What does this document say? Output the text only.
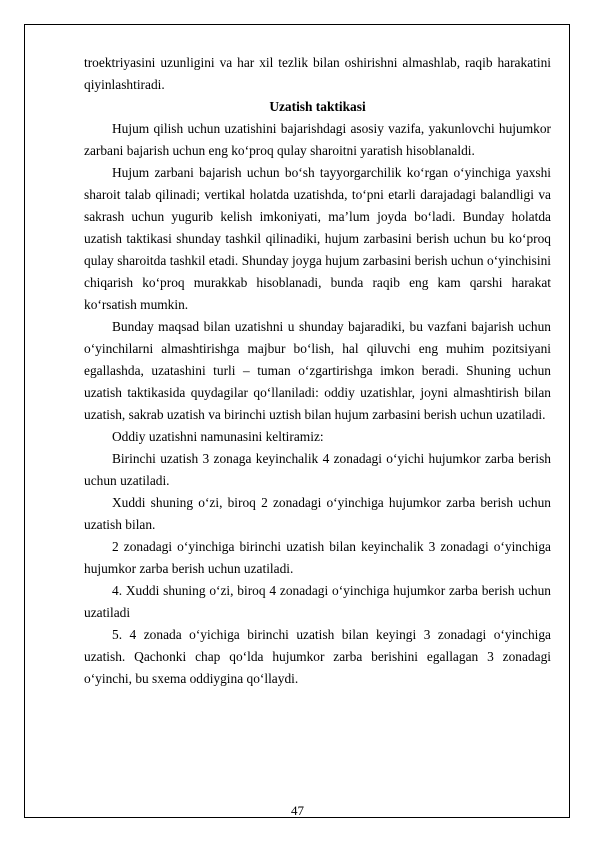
troektriyasini uzunligini va har xil tezlik bilan oshirishni almashlab, raqib harakatini qiyinlashtiradi.

Uzatish taktikasi

Hujum qilish uchun uzatishini bajarishdagi asosiy vazifa, yakunlovchi hujumkor zarbani bajarish uchun eng ko‘proq qulay sharoitni yaratish hisoblanaldi.

Hujum zarbani bajarish uchun bo‘sh tayyorgarchilik ko‘rgan o‘yinchiga yaxshi sharoit talab qilinadi; vertikal holatda uzatishda, to‘pni etarli darajadagi balandligi va sakrash uchun yugurib kelish imkoniyati, ma’lum joyda bo‘ladi. Bunday holatda uzatish taktikasi shunday tashkil qilinadiki, hujum zarbasini berish uchun bu ko‘proq qulay sharoitda tashkil etadi. Shunday joyga hujum zarbasini berish uchun o‘yinchisini chiqarish ko‘proq murakkab hisoblanadi, bunda raqib eng kam qarshi harakat ko‘rsatish mumkin.

Bunday maqsad bilan uzatishni u shunday bajaradiki, bu vazfani bajarish uchun o‘yinchilarni almashtirishga majbur bo‘lish, hal qiluvchi eng muhim pozitsiyani egallashda, uzatashini turli – tuman o‘zgartirishga imkon beradi. Shuning uchun uzatish taktikasida quydagilar qo‘llaniladi: oddiy uzatishlar, joyni almashtirish bilan uzatish, sakrab uzatish va birinchi uztish bilan hujum zarbasini berish uchun uzatiladi.

Oddiy uzatishni namunasini keltiramiz:

Birinchi uzatish 3 zonaga keyinchalik 4 zonadagi o‘yichi hujumkor zarba berish uchun uzatiladi.

Xuddi shuning o‘zi, biroq 2 zonadagi o‘yinchiga hujumkor zarba berish uchun uzatish bilan.

2 zonadagi o‘yinchiga birinchi uzatish bilan keyinchalik 3 zonadagi o‘yinchiga hujumkor zarba berish uchun uzatiladi.

4. Xuddi shuning o‘zi, biroq 4 zonadagi o‘yinchiga hujumkor zarba berish uchun uzatiladi

5. 4 zonada o‘yichiga birinchi uzatish bilan keyingi 3 zonadagi o‘yinchiga uzatish. Qachonki chap qo‘lda hujumkor zarba berishini egallagan 3 zonadagi o‘yinchi, bu sxema oddiygina qo‘llaydi.

47
